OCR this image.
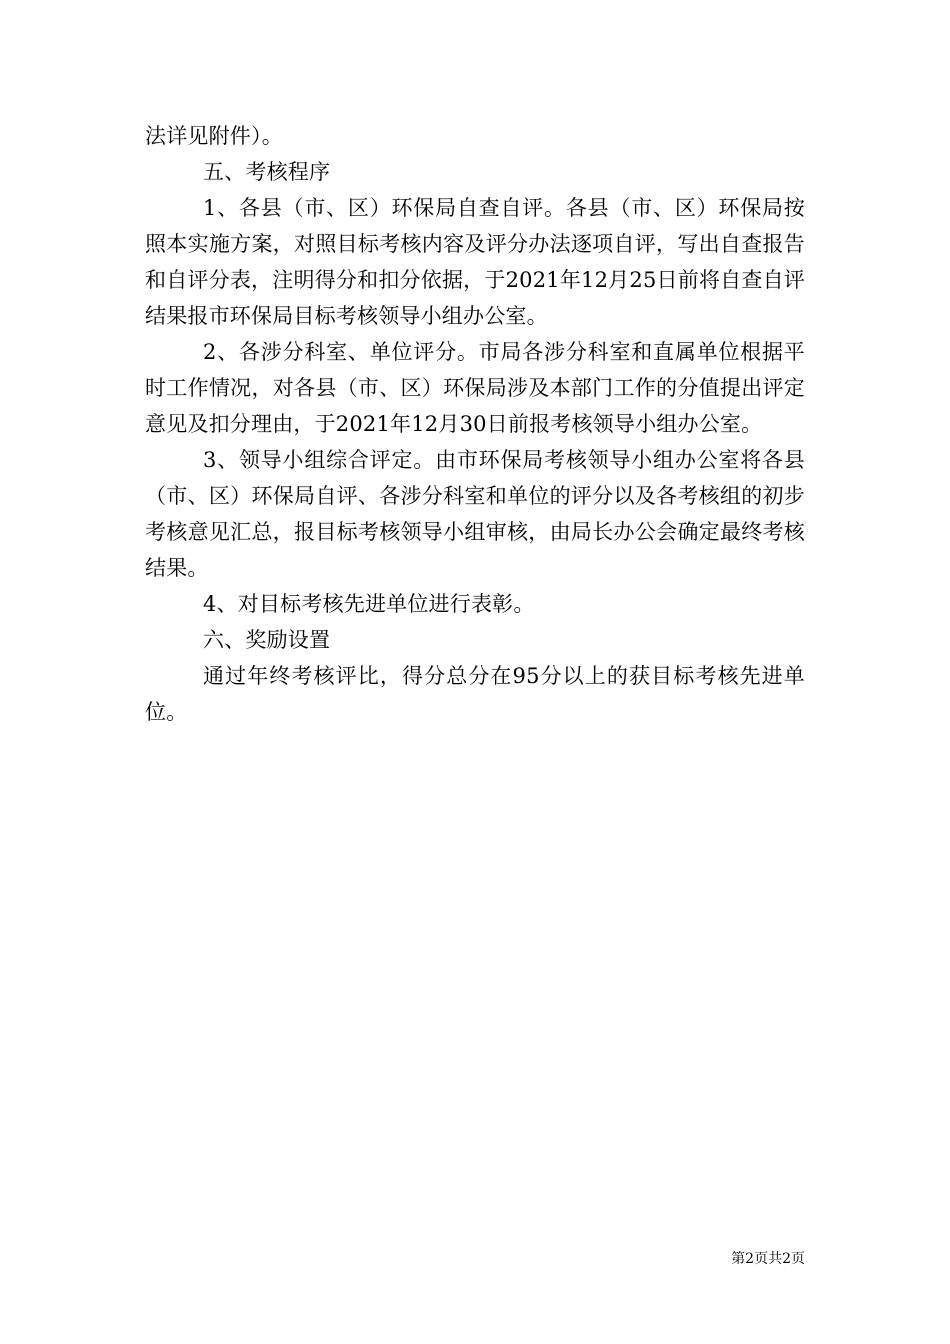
法详见附件）。

五、考核程序

1、各县（市、区）环保局自查自评。各县（市、区）环保局按照本实施方案，对照目标考核内容及评分办法逐项自评，写出自查报告和自评分表，注明得分和扣分依据，于2021年12月25日前将自查自评结果报市环保局目标考核领导小组办公室。

2、各涉分科室、单位评分。市局各涉分科室和直属单位根据平时工作情况，对各县（市、区）环保局涉及本部门工作的分值提出评定意见及扣分理由，于2021年12月30日前报考核领导小组办公室。

3、领导小组综合评定。由市环保局考核领导小组办公室将各县（市、区）环保局自评、各涉分科室和单位的评分以及各考核组的初步考核意见汇总，报目标考核领导小组审核，由局长办公会确定最终考核结果。

4、对目标考核先进单位进行表彰。

六、奖励设置

通过年终考核评比，得分总分在95分以上的获目标考核先进单位。

第2页共2页
